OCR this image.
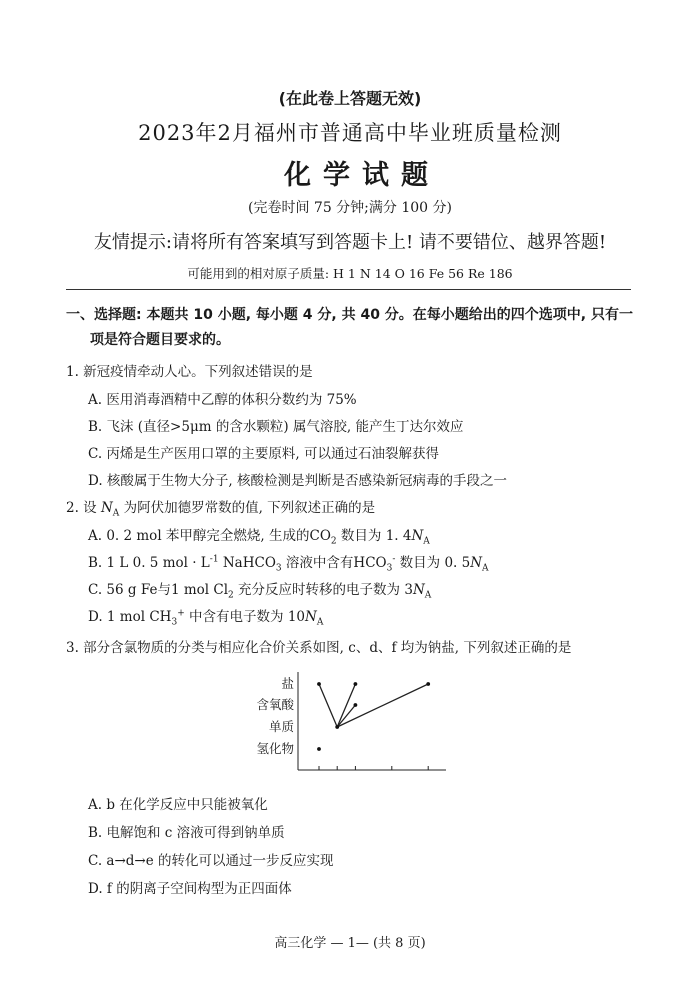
(在此卷上答题无效)
2023年2月福州市普通高中毕业班质量检测
化学试题
(完卷时间 75 分钟;满分 100 分)
友情提示:请将所有答案填写到答题卡上! 请不要错位、越界答题!
可能用到的相对原子质量: H 1 N 14 O 16 Fe 56 Re 186
一、选择题: 本题共 10 小题, 每小题 4 分, 共 40 分。在每小题给出的四个选项中, 只有一
项是符合题目要求的。
1. 新冠疫情牵动人心。下列叙述错误的是
A. 医用消毒酒精中乙醇的体积分数约为 75%
B. 飞沫 (直径>5μm 的含水颗粒) 属气溶胶, 能产生丁达尔效应
C. 丙烯是生产医用口罩的主要原料, 可以通过石油裂解获得
D. 核酸属于生物大分子, 核酸检测是判断是否感染新冠病毒的手段之一
2. 设 $N_A$ 为阿伏加德罗常数的值, 下列叙述正确的是
A. 0. 2 mol 苯甲醇完全燃烧, 生成的$CO_2$ 数目为 1. $4N_A$
B. 1 L 0. 5 mol · $L^{-1}$ NaHCO$_3$ 溶液中含有$HCO_3^-$ 数目为 0. $5N_A$
C. 56 g Fe与1 mol $Cl_2$ 充分反应时转移的电子数为 $3N_A$
D. 1 mol $CH_3^+$ 中含有电子数为 $10N_A$
3. 部分含氯物质的分类与相应化合价关系如图, c、d、f 均为钠盐, 下列叙述正确的是
氢化物
单质
含氧酸
盐
A. b 在化学反应中只能被氧化
B. 电解饱和 c 溶液可得到钠单质
C. a→d→e 的转化可以通过一步反应实现
D. f 的阴离子空间构型为正四面体
高三化学 — 1— (共 8 页)
